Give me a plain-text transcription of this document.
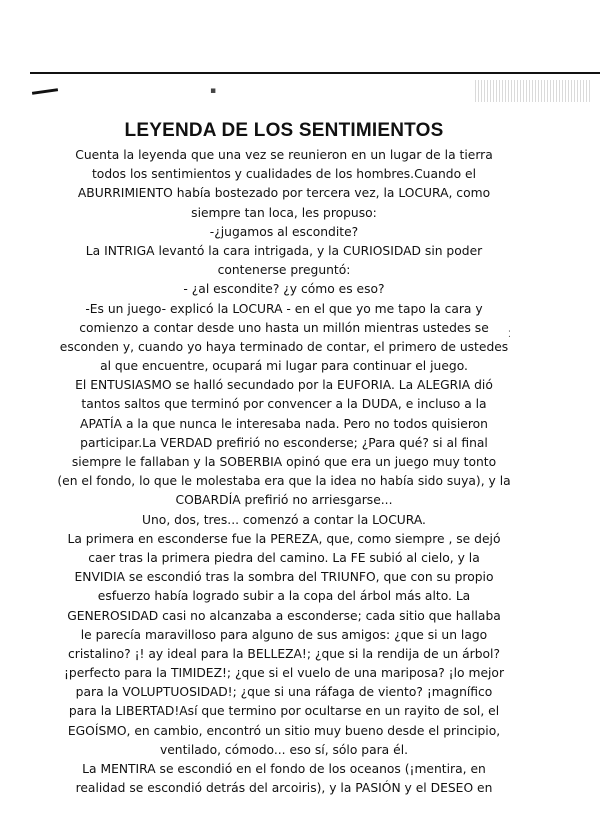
▪
⁚
LEYENDA DE LOS SENTIMIENTOS

Cuenta la leyenda que una vez se reunieron en un lugar de la tierra

todos los sentimientos y cualidades de los hombres.Cuando el

ABURRIMIENTO había bostezado por tercera vez, la LOCURA, como

siempre tan loca, les propuso:

-¿jugamos al escondite?

La INTRIGA levantó la cara intrigada, y la CURIOSIDAD sin poder

contenerse preguntó:

- ¿al escondite? ¿y cómo es eso?

-Es un juego- explicó la LOCURA - en el que yo me tapo la cara y

comienzo a contar desde uno hasta un millón mientras ustedes se

esconden y, cuando yo haya terminado de contar, el primero de ustedes

al que encuentre, ocupará mi lugar para continuar el juego.

El ENTUSIASMO se halló secundado por la EUFORIA. La ALEGRIA dió

tantos saltos que terminó por convencer a la DUDA, e incluso a la

APATÍA a la que nunca le interesaba nada. Pero no todos quisieron

participar.La VERDAD prefirió no esconderse; ¿Para qué? si al final

siempre le fallaban y la SOBERBIA opinó que era un juego muy tonto

(en el fondo, lo que le molestaba era que la idea no había sido suya), y la

COBARDÍA prefirió no arriesgarse...

Uno, dos, tres... comenzó a contar la LOCURA.

La primera en esconderse fue la PEREZA, que, como siempre , se dejó

caer tras la primera piedra del camino. La FE subió al cielo, y la

ENVIDIA se escondió tras la sombra del TRIUNFO, que con su propio

esfuerzo había logrado subir a la copa del árbol más alto. La

GENEROSIDAD casi no alcanzaba a esconderse; cada sitio que hallaba

le parecía maravilloso para alguno de sus amigos: ¿que si un lago

cristalino? ¡! ay ideal para la BELLEZA!; ¿que si la rendija de un árbol?

¡perfecto para la TIMIDEZ!; ¿que si el vuelo de una mariposa? ¡lo mejor

para la VOLUPTUOSIDAD!; ¿que si una ráfaga de viento? ¡magnífico

para la LIBERTAD!Así que termino por ocultarse en un rayito de sol, el

EGOÍSMO, en cambio, encontró un sitio muy bueno desde el principio,

ventilado, cómodo... eso sí, sólo para él.

La MENTIRA se escondió en el fondo de los oceanos (¡mentira, en

realidad se escondió detrás del arcoiris), y la PASIÓN y el DESEO en
